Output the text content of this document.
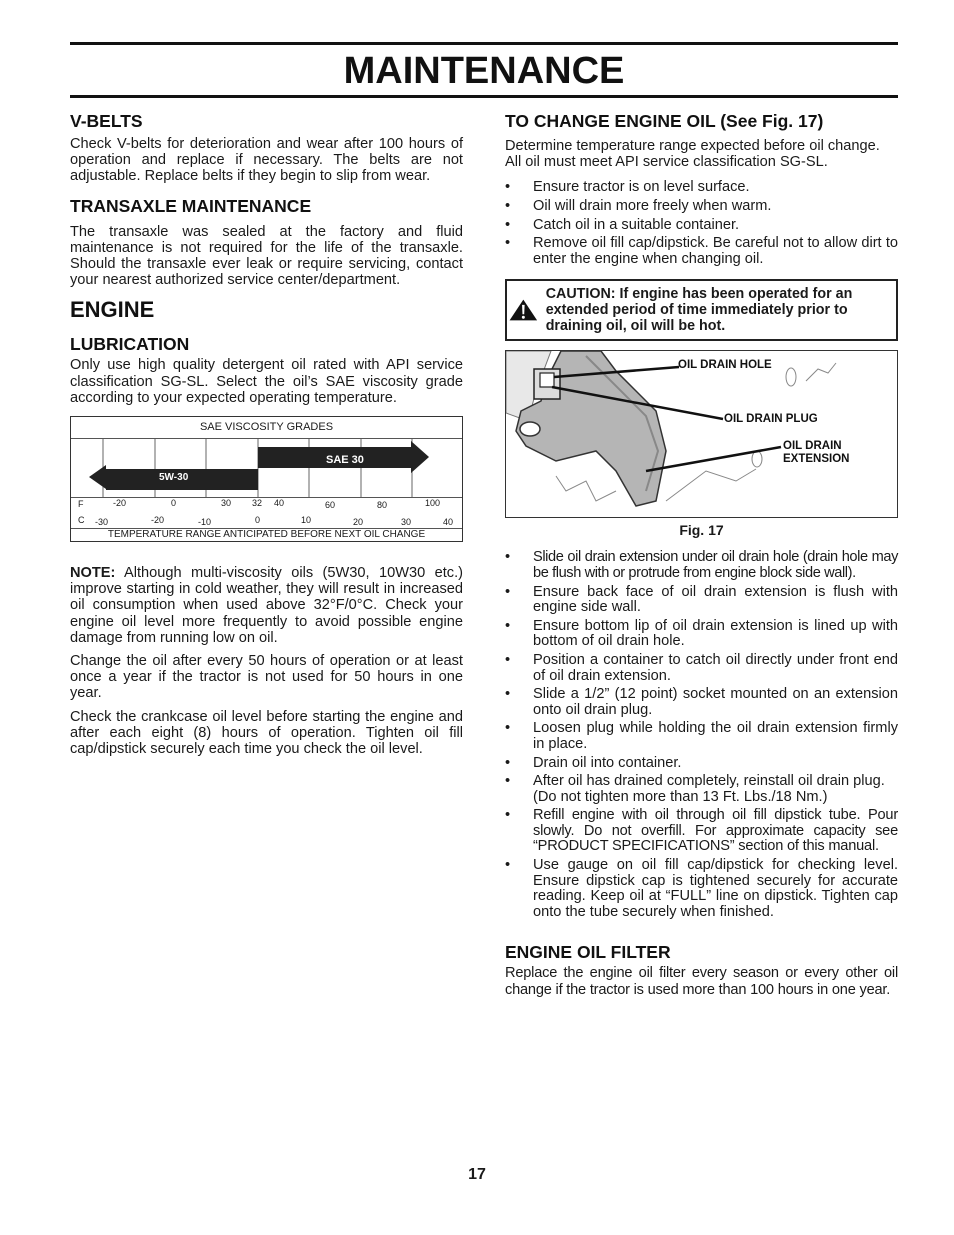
MAINTENANCE
V-BELTS

Check V-belts for deterioration and wear after 100 hours of operation and replace if necessary. The belts are not adjustable. Replace belts if they begin to slip from wear.

TRANSAXLE MAINTENANCE

The transaxle was sealed at the factory and fluid maintenance is not required for the life of the transaxle. Should the transaxle ever leak or require servicing, contact your nearest authorized service center/department.

ENGINE
LUBRICATION

Only use high quality detergent oil rated with API service classification SG-SL. Select the oil’s SAE viscosity grade according to your expected operating temperature.

SAE VISCOSITY GRADES
5W-30
SAE 30
F	-20	0	30 32 40	60	80	100
C -30	-20	-10	0	10	20	30	40
TEMPERATURE RANGE ANTICIPATED BEFORE NEXT OIL CHANGE

NOTE: Although multi-viscosity oils (5W30, 10W30 etc.) improve starting in cold weather, they will result in increased oil consumption when used above 32°F/0°C. Check your engine oil level more frequently to avoid possible engine damage from running low on oil.

Change the oil after every 50 hours of operation or at least once a year if the tractor is not used for 50 hours in one year.

Check the crankcase oil level before starting the engine and after each eight (8) hours of operation. Tighten oil fill cap/dipstick securely each time you check the oil level.

TO CHANGE ENGINE OIL (See Fig. 17)

Determine temperature range expected before oil change. All oil must meet API service classification SG-SL.

• Ensure tractor is on level surface.
• Oil will drain more freely when warm.
• Catch oil in a suitable container.
• Remove oil fill cap/dipstick. Be careful not to allow dirt to enter the engine when changing oil.
CAUTION: If engine has been operated for an extended period of time immediately prior to draining oil, oil will be hot.
OIL DRAIN HOLE
OIL DRAIN PLUG
OIL DRAIN
EXTENSION
Fig. 17
• Slide oil drain extension under oil drain hole (drain hole may be flush with or protrude from engine block side wall).
• Ensure back face of oil drain extension is flush with engine side wall.
• Ensure bottom lip of oil drain extension is lined up with bottom of oil drain hole.
• Position a container to catch oil directly under front end of oil drain extension.
• Slide a 1/2” (12 point) socket mounted on an extension onto oil drain plug.
• Loosen plug while holding the oil drain extension firmly in place.
• Drain oil into container.
• After oil has drained completely, reinstall oil drain plug. (Do not tighten more than 13 Ft. Lbs./18 Nm.)
• Refill engine with oil through oil fill dipstick tube. Pour slowly. Do not overfill. For approximate capacity see “PRODUCT SPECIFICATIONS” section of this manual.
• Use gauge on oil fill cap/dipstick for checking level. Ensure dipstick cap is tightened securely for accurate reading. Keep oil at “FULL” line on dipstick. Tighten cap onto the tube securely when finished.
ENGINE OIL FILTER

Replace the engine oil filter every season or every other oil change if the tractor is used more than 100 hours in one year.

17
